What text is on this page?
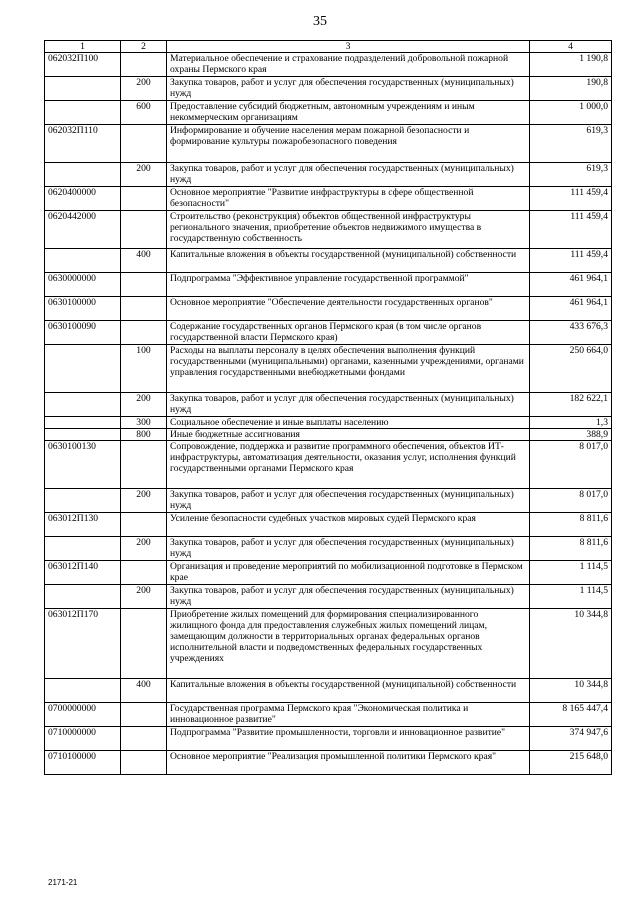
35
1	2	3	4
062032П100		Материальное обеспечение и страхование подразделений добровольной пожарной охраны Пермского края	1 190,8
	200	Закупка товаров, работ и услуг для обеспечения государственных (муниципальных) нужд	190,8
	600	Предоставление субсидий бюджетным, автономным учреждениям и иным некоммерческим организациям	1 000,0
062032П110		Информирование и обучение населения мерам пожарной безопасности и формирование культуры пожаробезопасного поведения	619,3
	200	Закупка товаров, работ и услуг для обеспечения государственных (муниципальных) нужд	619,3
0620400000		Основное мероприятие "Развитие инфраструктуры в сфере общественной безопасности"	111 459,4
0620442000		Строительство (реконструкция) объектов общественной инфраструктуры регионального значения, приобретение объектов недвижимого имущества в государственную собственность	111 459,4
	400	Капитальные вложения в объекты государственной (муниципальной) собственности	111 459,4
0630000000		Подпрограмма "Эффективное управление государственной программой"	461 964,1
0630100000		Основное мероприятие "Обеспечение деятельности государственных органов"	461 964,1
0630100090		Содержание государственных органов Пермского края (в том числе органов государственной власти Пермского края)	433 676,3
	100	Расходы на выплаты персоналу в целях обеспечения выполнения функций государственными (муниципальными) органами, казенными учреждениями, органами управления государственными внебюджетными фондами	250 664,0
	200	Закупка товаров, работ и услуг для обеспечения государственных (муниципальных) нужд	182 622,1
	300	Социальное обеспечение и иные выплаты населению	1,3
	800	Иные бюджетные ассигнования	388,9
0630100130		Сопровождение, поддержка и развитие программного обеспечения, объектов ИТ-инфраструктуры, автоматизация деятельности, оказания услуг, исполнения функций государственными органами Пермского края	8 017,0
	200	Закупка товаров, работ и услуг для обеспечения государственных (муниципальных) нужд	8 017,0
063012П130		Усиление безопасности судебных участков мировых судей Пермского края	8 811,6
	200	Закупка товаров, работ и услуг для обеспечения государственных (муниципальных) нужд	8 811,6
063012П140		Организация и проведение мероприятий по мобилизационной подготовке в Пермском крае	1 114,5
	200	Закупка товаров, работ и услуг для обеспечения государственных (муниципальных) нужд	1 114,5
063012П170		Приобретение жилых помещений для формирования специализированного жилищного фонда для предоставления служебных жилых помещений лицам, замещающим должности в территориальных органах федеральных органов исполнительной власти и подведомственных федеральных государственных учреждениях	10 344,8
	400	Капитальные вложения в объекты государственной (муниципальной) собственности	10 344,8
0700000000		Государственная программа Пермского края "Экономическая политика и инновационное развитие"	8 165 447,4
0710000000		Подпрограмма "Развитие промышленности, торговли и инновационное развитие"	374 947,6
0710100000		Основное мероприятие "Реализация промышленной политики Пермского края"	215 648,0
2171-21
